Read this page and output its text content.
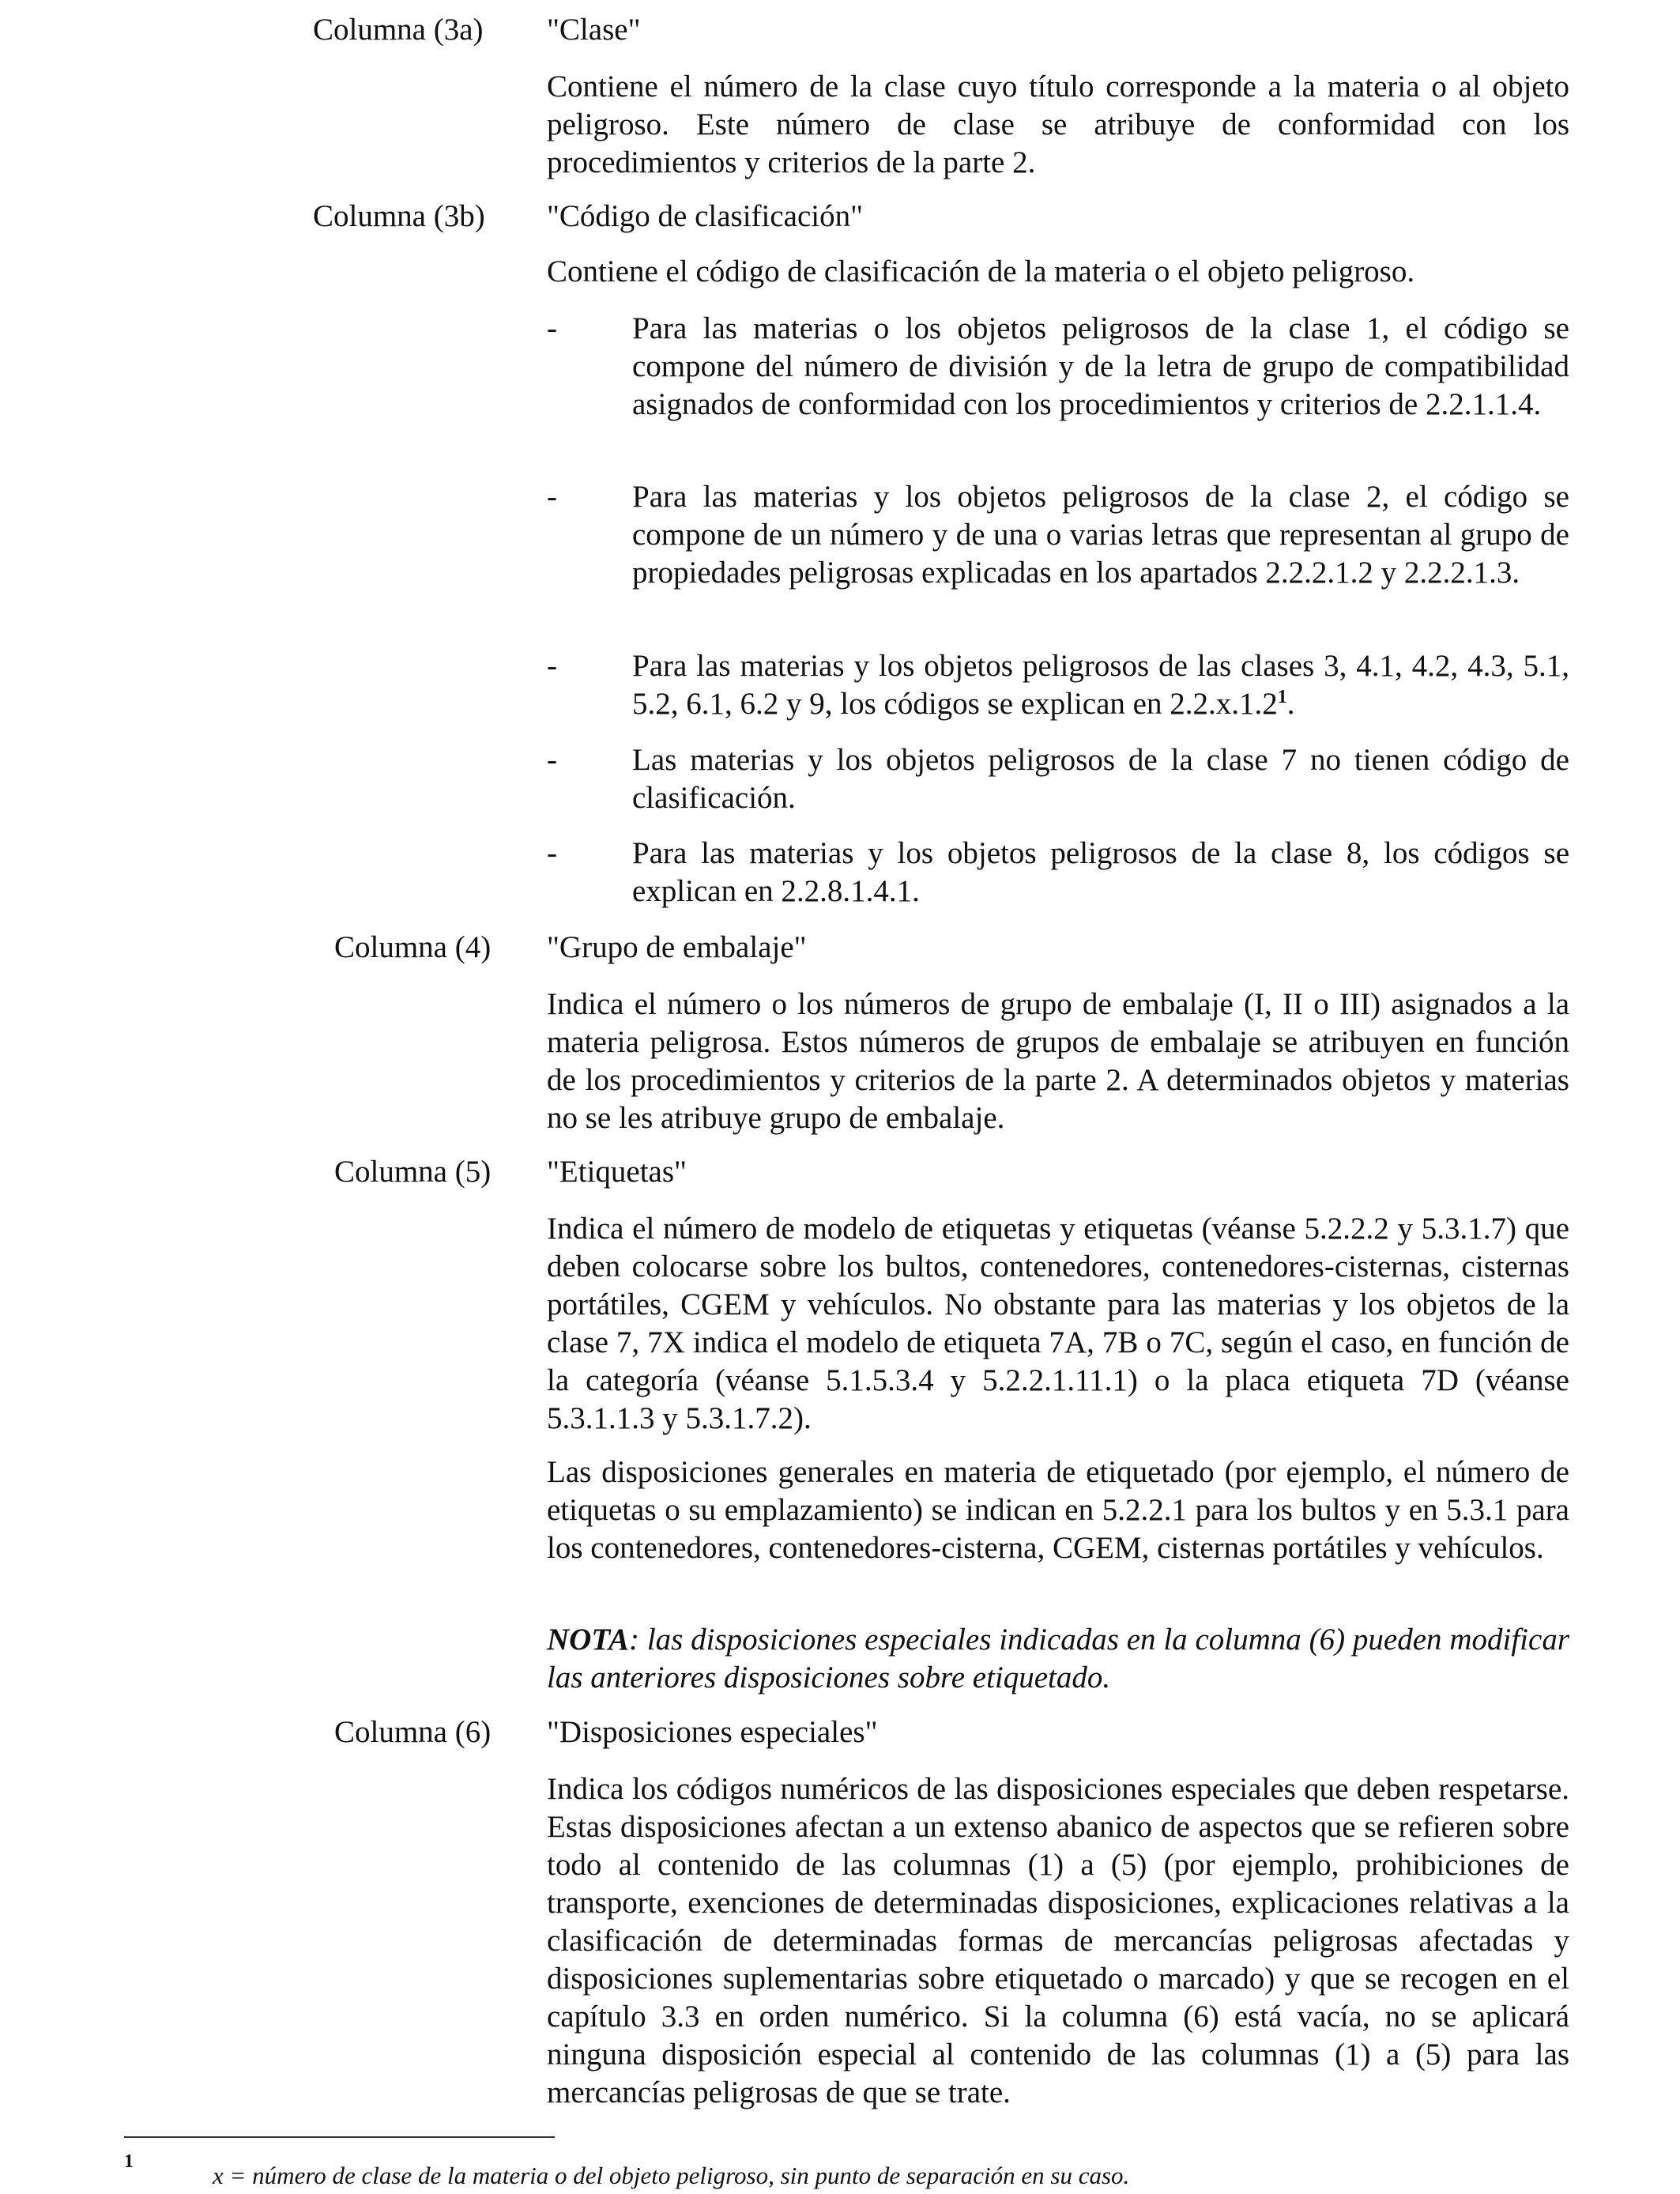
Columna (3a) "Clase"

Contiene el número de la clase cuyo título corresponde a la materia o al objeto peligroso. Este número de clase se atribuye de conformidad con los procedimientos y criterios de la parte 2.

Columna (3b) "Código de clasificación"

Contiene el código de clasificación de la materia o el objeto peligroso.

- Para las materias o los objetos peligrosos de la clase 1, el código se compone del número de división y de la letra de grupo de compatibilidad asignados de conformidad con los procedimientos y criterios de 2.2.1.1.4.

- Para las materias y los objetos peligrosos de la clase 2, el código se compone de un número y de una o varias letras que representan al grupo de propiedades peligrosas explicadas en los apartados 2.2.2.1.2 y 2.2.2.1.3.

- Para las materias y los objetos peligrosos de las clases 3, 4.1, 4.2, 4.3, 5.1, 5.2, 6.1, 6.2 y 9, los códigos se explican en 2.2.x.1.2$^1$.

- Las materias y los objetos peligrosos de la clase 7 no tienen código de clasificación.

- Para las materias y los objetos peligrosos de la clase 8, los códigos se explican en 2.2.8.1.4.1.

Columna (4) "Grupo de embalaje"

Indica el número o los números de grupo de embalaje (I, II o III) asignados a la materia peligrosa. Estos números de grupos de embalaje se atribuyen en función de los procedimientos y criterios de la parte 2. A determinados objetos y materias no se les atribuye grupo de embalaje.

Columna (5) "Etiquetas"

Indica el número de modelo de etiquetas y etiquetas (véanse 5.2.2.2 y 5.3.1.7) que deben colocarse sobre los bultos, contenedores, contenedores-cisternas, cisternas portátiles, CGEM y vehículos. No obstante para las materias y los objetos de la clase 7, 7X indica el modelo de etiqueta 7A, 7B o 7C, según el caso, en función de la categoría (véanse 5.1.5.3.4 y 5.2.2.1.11.1) o la placa etiqueta 7D (véanse 5.3.1.1.3 y 5.3.1.7.2).

Las disposiciones generales en materia de etiquetado (por ejemplo, el número de etiquetas o su emplazamiento) se indican en 5.2.2.1 para los bultos y en 5.3.1 para los contenedores, contenedores-cisterna, CGEM, cisternas portátiles y vehículos.

NOTA: las disposiciones especiales indicadas en la columna (6) pueden modificar las anteriores disposiciones sobre etiquetado.

Columna (6) "Disposiciones especiales"

Indica los códigos numéricos de las disposiciones especiales que deben respetarse. Estas disposiciones afectan a un extenso abanico de aspectos que se refieren sobre todo al contenido de las columnas (1) a (5) (por ejemplo, prohibiciones de transporte, exenciones de determinadas disposiciones, explicaciones relativas a la clasificación de determinadas formas de mercancías peligrosas afectadas y disposiciones suplementarias sobre etiquetado o marcado) y que se recogen en el capítulo 3.3 en orden numérico. Si la columna (6) está vacía, no se aplicará ninguna disposición especial al contenido de las columnas (1) a (5) para las mercancías peligrosas de que se trate.

1	x = número de clase de la materia o del objeto peligroso, sin punto de separación en su caso.
